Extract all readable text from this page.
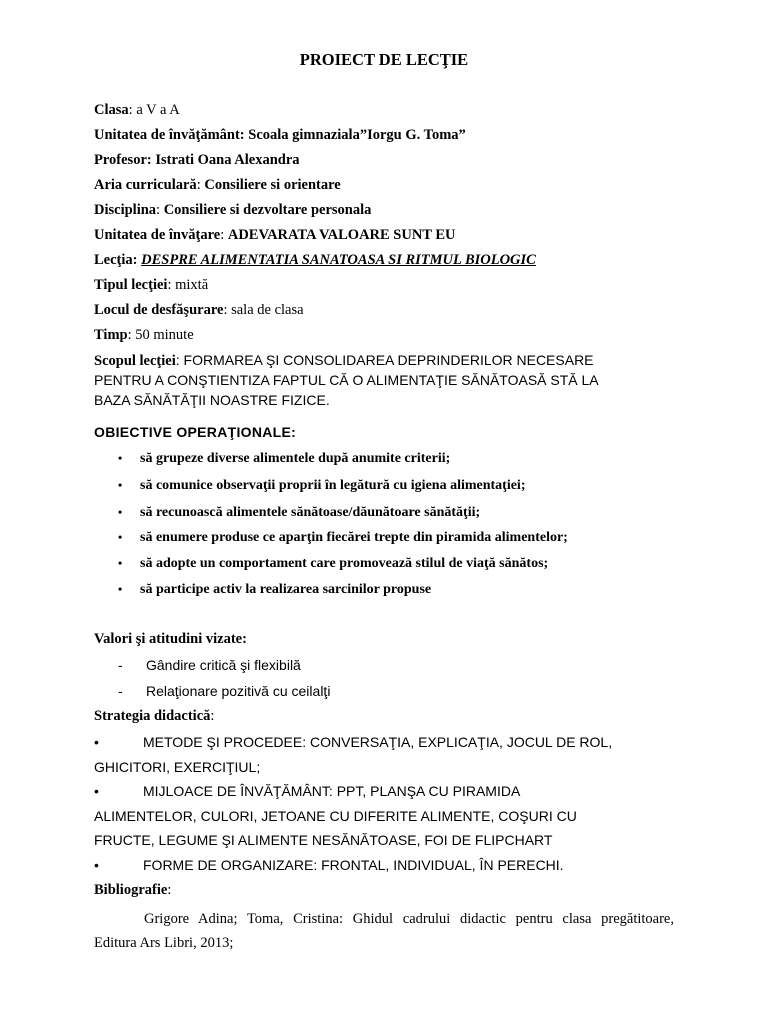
PROIECT DE LECŢIE
Clasa: a V a A
Unitatea de învăţământ: Scoala gimnaziala”Iorgu G. Toma”
Profesor: Istrati Oana Alexandra
Aria curriculară: Consiliere si orientare
Disciplina: Consiliere si dezvoltare personala
Unitatea de învăţare: ADEVARATA VALOARE SUNT EU
Lecţia: DESPRE ALIMENTATIA SANATOASA SI RITMUL BIOLOGIC
Tipul lecţiei: mixtă
Locul de desfăşurare: sala de clasa
Timp: 50 minute
Scopul lecţiei: FORMAREA ŞI CONSOLIDAREA DEPRINDERILOR NECESARE
PENTRU A CONŞTIENTIZA FAPTUL CĂ O ALIMENTAŢIE SĂNĂTOASĂ STĂ LA
BAZA SĂNĂTĂŢII NOASTRE FIZICE.
OBIECTIVE OPERAŢIONALE:
• să grupeze diverse alimentele după anumite criterii;
• să comunice observaţii proprii în legătură cu igiena alimentaţiei;
• să recunoască alimentele sănătoase/dăunătoare sănătăţii;
• să enumere produse ce aparţin fiecărei trepte din piramida alimentelor;
• să adopte un comportament care promovează stilul de viaţă sănătos;
• să participe activ la realizarea sarcinilor propuse
Valori şi atitudini vizate:
- Gândire critică şi flexibilă
- Relaţionare pozitivă cu ceilalţi
Strategia didactică:
•	METODE ŞI PROCEDEE: CONVERSAŢIA, EXPLICAŢIA, JOCUL DE ROL,
GHICITORI, EXERCIŢIUL;
•	MIJLOACE DE ÎNVĂŢĂMÂNT: PPT, PLANŞA CU PIRAMIDA
ALIMENTELOR, CULORI, JETOANE CU DIFERITE ALIMENTE, COŞURI CU
FRUCTE, LEGUME ŞI ALIMENTE NESĂNĂTOASE, FOI DE FLIPCHART
•	FORME DE ORGANIZARE: FRONTAL, INDIVIDUAL, ÎN PERECHI.
Bibliografie:
Grigore Adina; Toma, Cristina: Ghidul cadrului didactic pentru clasa pregătitoare,
Editura Ars Libri, 2013;
